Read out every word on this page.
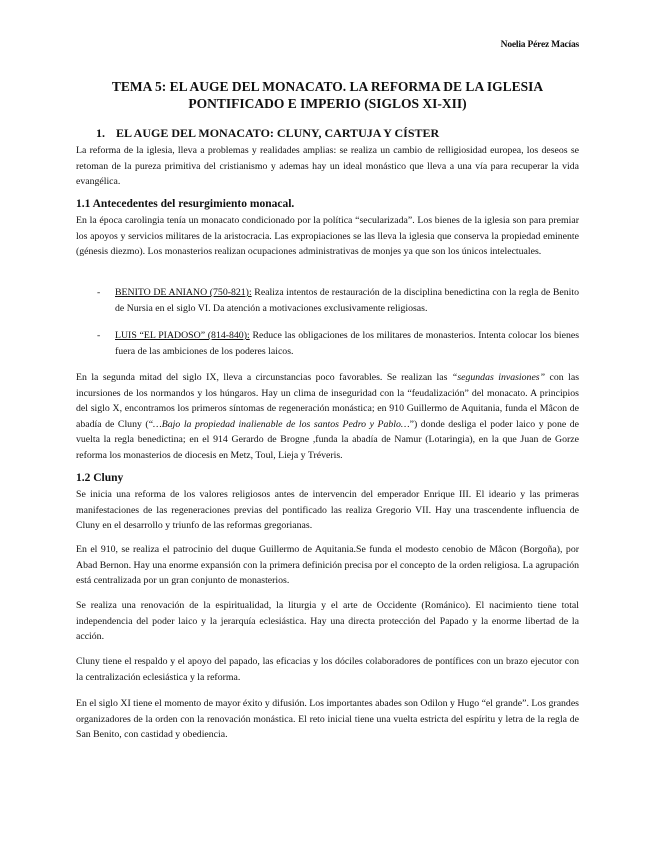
Noelia Pérez Macías
TEMA 5: EL AUGE DEL MONACATO. LA REFORMA DE LA IGLESIA
PONTIFICADO E IMPERIO (SIGLOS XI-XII)
1. EL AUGE DEL MONACATO: CLUNY, CARTUJA Y CÍSTER

La reforma de la iglesia, lleva a problemas y realidades amplias: se realiza un cambio de relligiosidad europea, los deseos se retoman de la pureza primitiva del cristianismo y ademas hay un ideal monástico que lleva a una vía para recuperar la vida evangélica.

1.1 Antecedentes del resurgimiento monacal.

En la época carolingia tenía un monacato condicionado por la política “secularizada”. Los bienes de la iglesia son para premiar los apoyos y servicios militares de la aristocracia. Las expropiaciones se las lleva la iglesia que conserva la propiedad eminente (génesis diezmo). Los monasterios realizan ocupaciones administrativas de monjes ya que son los únicos intelectuales.

- BENITO DE ANIANO (750-821): Realiza intentos de restauración de la disciplina benedictina con la regla de Benito de Nursia en el siglo VI. Da atención a motivaciones exclusivamente religiosas.
- LUIS “EL PIADOSO” (814-840): Reduce las obligaciones de los militares de monasterios. Intenta colocar los bienes fuera de las ambiciones de los poderes laicos.

En la segunda mitad del siglo IX, lleva a circunstancias poco favorables. Se realizan las “segundas invasiones” con las incursiones de los normandos y los húngaros. Hay un clima de inseguridad con la “feudalización” del monacato. A principios del siglo X, encontramos los primeros síntomas de regeneración monástica; en 910 Guillermo de Aquitania, funda el Mâcon de abadía de Cluny (“…Bajo la propiedad inalienable de los santos Pedro y Pablo…”) donde desliga el poder laico y pone de vuelta la regla benedictina; en el 914 Gerardo de Brogne ,funda la abadía de Namur (Lotaringia), en la que Juan de Gorze reforma los monasterios de diocesis en Metz, Toul, Lieja y Tréveris.

1.2 Cluny

Se inicia una reforma de los valores religiosos antes de intervencin del emperador Enrique III. El ideario y las primeras manifestaciones de las regeneraciones previas del pontificado las realiza Gregorio VII. Hay una trascendente influencia de Cluny en el desarrollo y triunfo de las reformas gregorianas.

En el 910, se realiza el patrocinio del duque Guillermo de Aquitania.Se funda el modesto cenobio de Mâcon (Borgoña), por Abad Bernon. Hay una enorme expansión con la primera definición precisa por el concepto de la orden religiosa. La agrupación está centralizada por un gran conjunto de monasterios.

Se realiza una renovación de la espiritualidad, la liturgia y el arte de Occidente (Románico). El nacimiento tiene total independencia del poder laico y la jerarquía eclesiástica. Hay una directa protección del Papado y la enorme libertad de la acción.

Cluny tiene el respaldo y el apoyo del papado, las eficacias y los dóciles colaboradores de pontífices con un brazo ejecutor con la centralización eclesiástica y la reforma.

En el siglo XI tiene el momento de mayor éxito y difusión. Los importantes abades son Odilon y Hugo “el grande”. Los grandes organizadores de la orden con la renovación monástica. El reto inicial tiene una vuelta estricta del espíritu y letra de la regla de San Benito, con castidad y obediencia.
